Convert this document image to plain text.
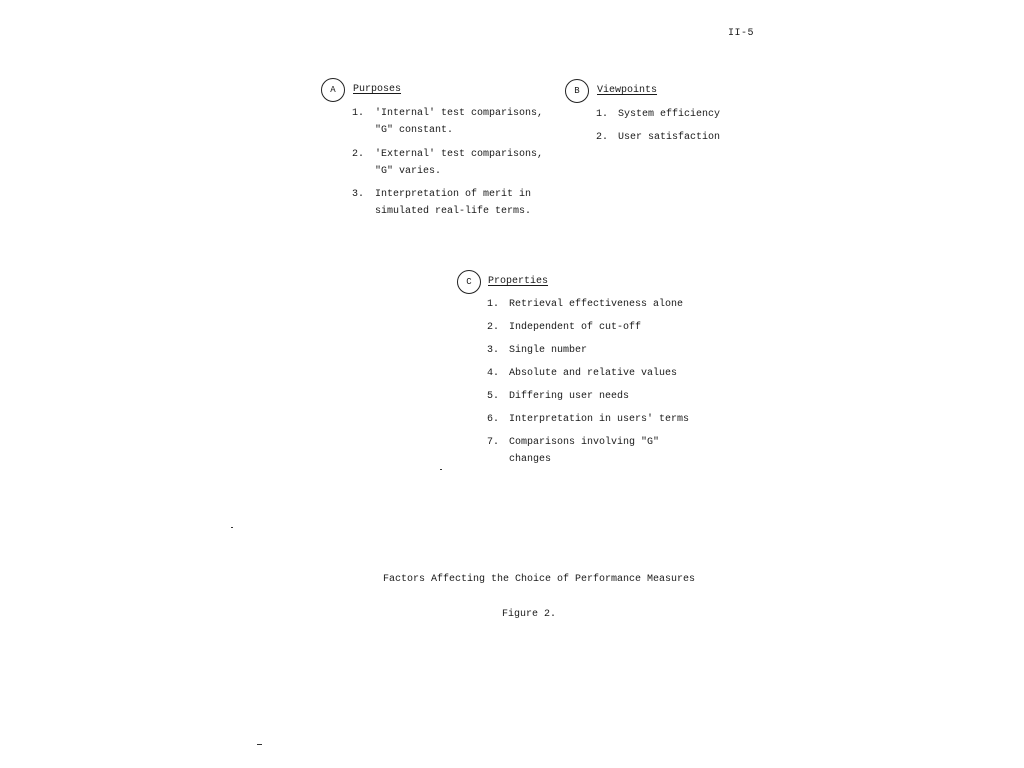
II-5
A	Purposes
1. 'Internal' test comparisons,
"G" constant.
2. 'External' test comparisons,
"G" varies.
3. Interpretation of merit in
simulated real-life terms.
B	Viewpoints
1. System efficiency
2. User satisfaction
C	Properties
1. Retrieval effectiveness alone
2. Independent of cut-off
3. Single number
4. Absolute and relative values
5. Differing user needs
6. Interpretation in users' terms
7. Comparisons involving "G"
changes
Factors Affecting the Choice of Performance Measures
Figure 2.
